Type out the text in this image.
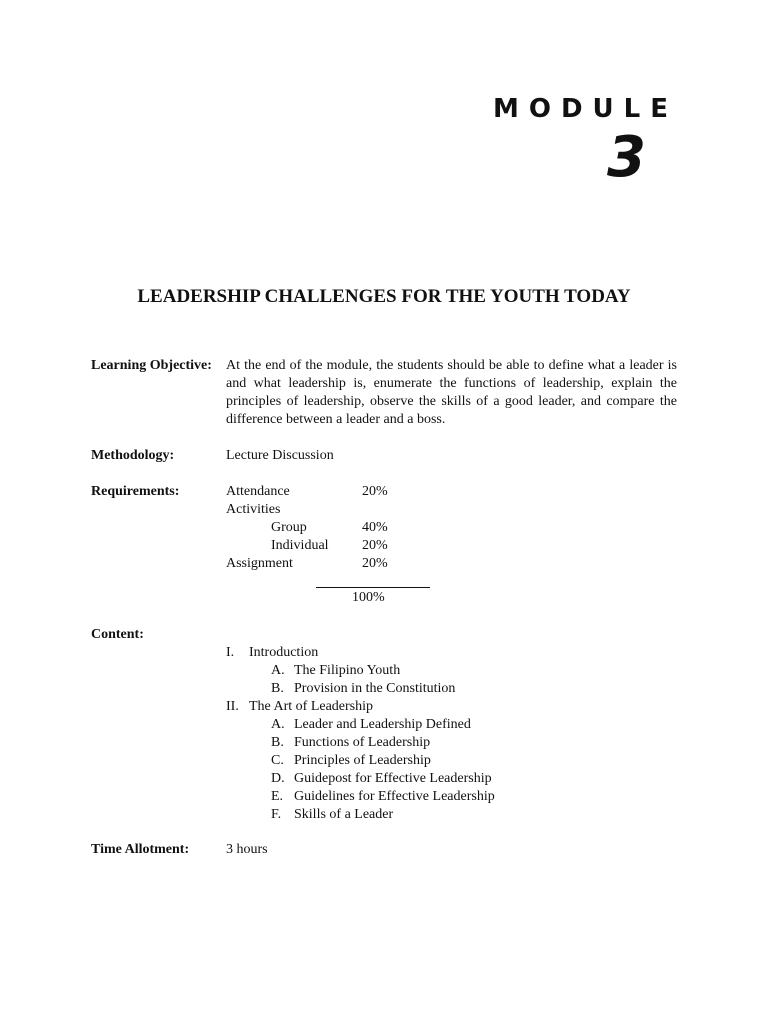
MODULE
3
LEADERSHIP CHALLENGES FOR THE YOUTH TODAY
Learning Objective: At the end of the module, the students should be able to define what a leader is and what leadership is, enumerate the functions of leadership, explain the principles of leadership, observe the skills of a good leader, and compare the difference between a leader and a boss.
Methodology:	Lecture Discussion
Requirements:	Attendance	20%
Activities
Group	40%
Individual 20%
Assignment	20%
100%
Content:
I. Introduction
A. The Filipino Youth
B. Provision in the Constitution
II. The Art of Leadership
A. Leader and Leadership Defined
B. Functions of Leadership
C. Principles of Leadership
D. Guidepost for Effective Leadership
E. Guidelines for Effective Leadership
F. Skills of a Leader
Time Allotment:	3 hours
